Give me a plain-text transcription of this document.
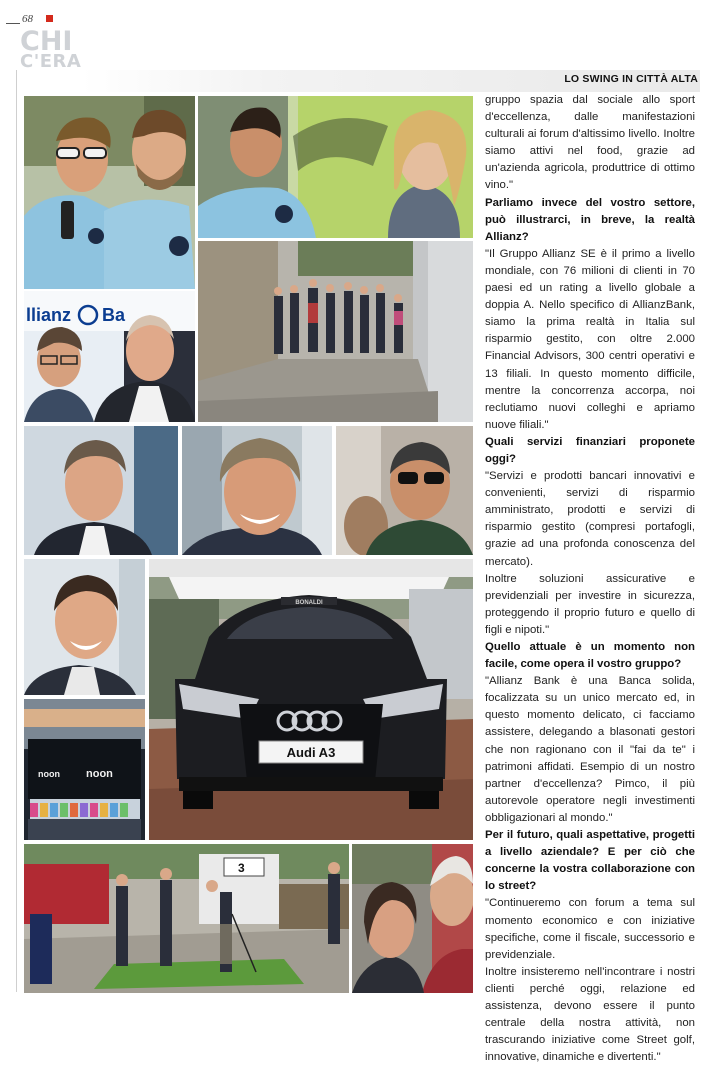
68
CHI
C'ERA
LO SWING IN CITTÀ ALTA
llianz Ba
BONALDI
Audi A3
noon noon
3

gruppo spazia dal sociale allo sport d'eccellenza, dalle manifestazioni culturali ai forum d'altissimo livello. Inoltre siamo attivi nel food, grazie ad un'azienda agricola, produttrice di ottimo vino."

Parliamo invece del vostro settore, può illustrarci, in breve, la realtà Allianz?

"Il Gruppo Allianz SE è il primo a livello mondiale, con 76 milioni di clienti in 70 paesi ed un rating a livello globale a doppia A. Nello specifico di AllianzBank, siamo la prima realtà in Italia sul risparmio gestito, con oltre 2.000 Financial Advisors, 300 centri operativi e 13 filiali. In questo momento difficile, mentre la concorrenza accorpa, noi reclutiamo nuovi colleghi e apriamo nuove filiali."

Quali servizi finanziari proponete oggi?

"Servizi e prodotti bancari innovativi e convenienti, servizi di risparmio amministrato, prodotti e servizi di risparmio gestito (compresi portafogli, grazie ad una profonda conoscenza del mercato).

Inoltre soluzioni assicurative e previdenziali per investire in sicurezza, proteggendo il proprio futuro e quello di figli e nipoti."

Quello attuale è un momento non facile, come opera il vostro gruppo?

"Allianz Bank è una Banca solida, focalizzata su un unico mercato ed, in questo momento delicato, ci facciamo assistere, delegando a blasonati gestori che non ragionano con il "fai da te" i patrimoni affidati. Esempio di un nostro partner d'eccellenza? Pimco, il più autorevole operatore negli investimenti obbligazionari al mondo."

Per il futuro, quali aspettative, progetti a livello aziendale? E per ciò che concerne la vostra collaborazione con lo street?

"Continueremo con forum a tema sul momento economico e con iniziative specifiche, come il fiscale, successorio e previdenziale.

Inoltre insisteremo nell'incontrare i nostri clienti perché oggi, relazione ed assistenza, devono essere il punto centrale della nostra attività, non trascurando iniziative come Street golf, innovative, dinamiche e divertenti."
